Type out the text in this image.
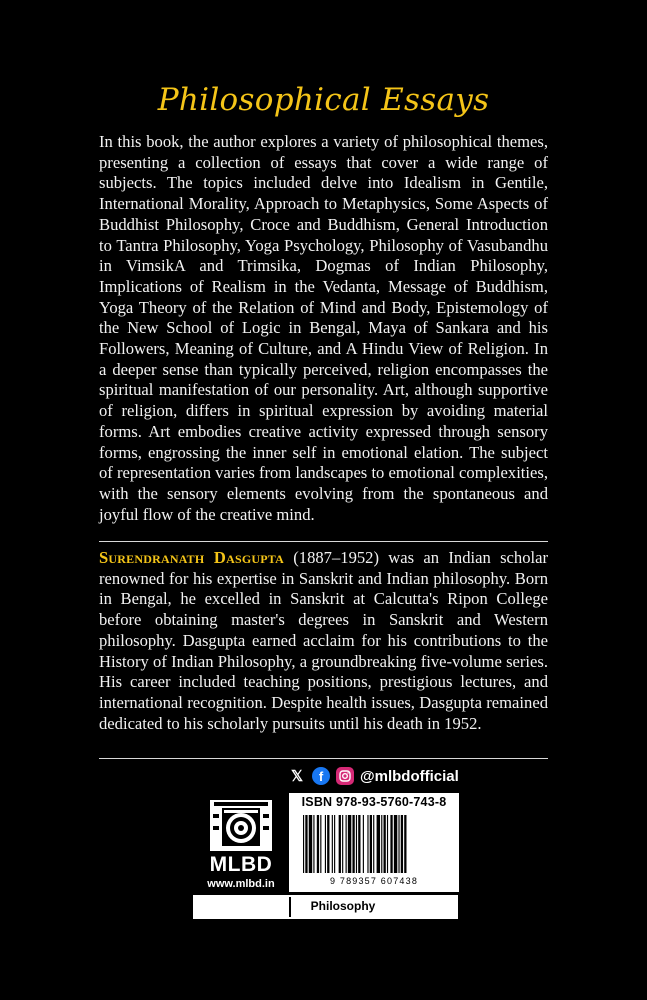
Philosophical Essays

In this book, the author explores a variety of philosophical themes, presenting a collection of essays that cover a wide range of subjects. The topics included delve into Idealism in Gentile, International Morality, Approach to Metaphysics, Some Aspects of Buddhist Philosophy, Croce and Buddhism, General Introduction to Tantra Philosophy, Yoga Psychology, Philosophy of Vasubandhu in VimsikA and Trimsika, Dogmas of Indian Philosophy, Implications of Realism in the Vedanta, Message of Buddhism, Yoga Theory of the Relation of Mind and Body, Epistemology of the New School of Logic in Bengal, Maya of Sankara and his Followers, Meaning of Culture, and A Hindu View of Religion. In a deeper sense than typically perceived, religion encompasses the spiritual manifestation of our personality. Art, although supportive of religion, differs in spiritual expression by avoiding material forms. Art embodies creative activity expressed through sensory forms, engrossing the inner self in emotional elation. The subject of representation varies from landscapes to emotional complexities, with the sensory elements evolving from the spontaneous and joyful flow of the creative mind.

Surendranath Dasgupta (1887–1952) was an Indian scholar renowned for his expertise in Sanskrit and Indian philosophy. Born in Bengal, he excelled in Sanskrit at Calcutta's Ripon College before obtaining master's degrees in Sanskrit and Western philosophy. Dasgupta earned acclaim for his contributions to the History of Indian Philosophy, a groundbreaking five-volume series. His career included teaching positions, prestigious lectures, and international recognition. Despite health issues, Dasgupta remained dedicated to his scholarly pursuits until his death in 1952.

𝕏	f	@mlbdofficial
MLBD
www.mlbd.in
ISBN 978-93-5760-743-8
9 789357 607438
Philosophy
